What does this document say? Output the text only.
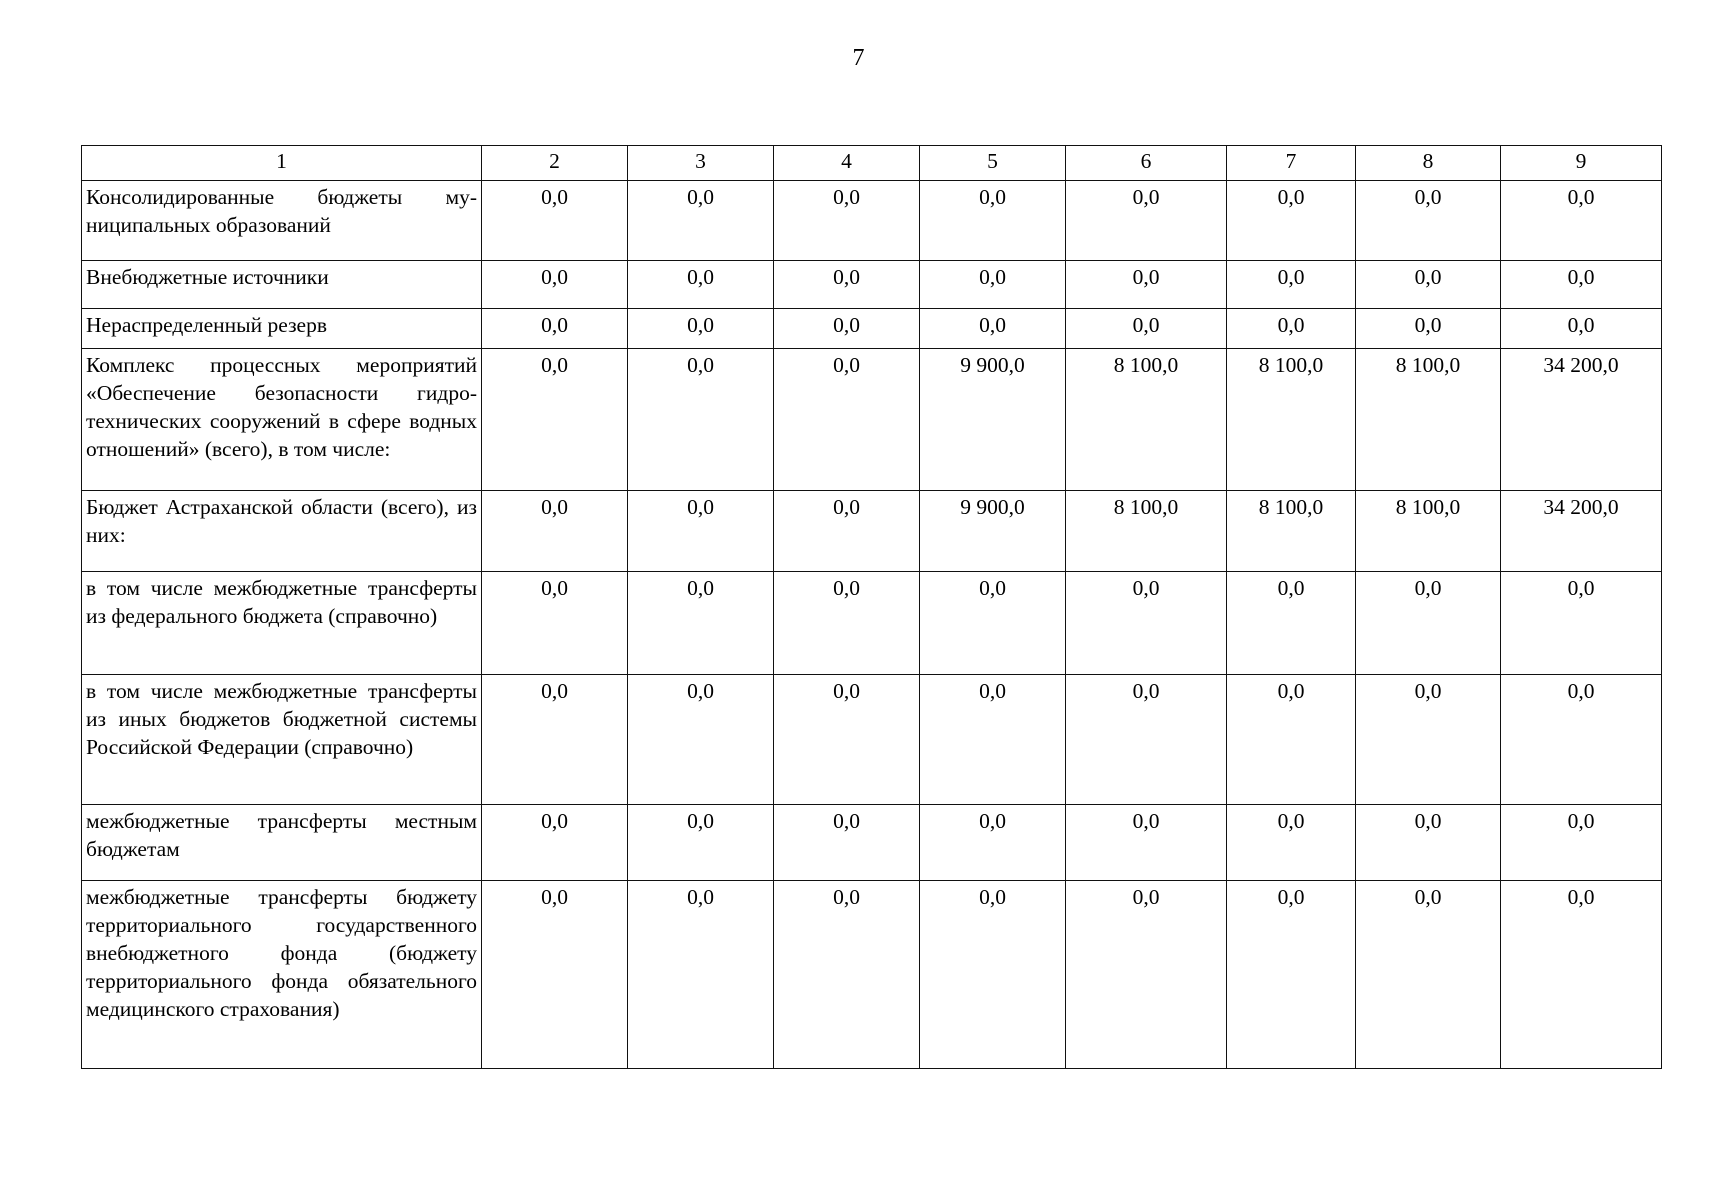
7
1	2	3	4	5	6	7	8	9
Консолидированные бюджеты муниципальных образований	0,0	0,0	0,0	0,0	0,0	0,0	0,0	0,0
Внебюджетные источники	0,0	0,0	0,0	0,0	0,0	0,0	0,0	0,0
Нераспределенный резерв	0,0	0,0	0,0	0,0	0,0	0,0	0,0	0,0
Комплекс процессных мероприятий «Обеспечение безопасности гидротехнических сооружений в сфере водных отношений» (всего), в том числе:	0,0	0,0	0,0	9 900,0	8 100,0	8 100,0	8 100,0	34 200,0
Бюджет Астраханской области (всего), из них:	0,0	0,0	0,0	9 900,0	8 100,0	8 100,0	8 100,0	34 200,0
в том числе межбюджетные трансферты из федерального бюджета (справочно)	0,0	0,0	0,0	0,0	0,0	0,0	0,0	0,0
в том числе межбюджетные трансферты из иных бюджетов бюджетной системы Российской Федерации (справочно)	0,0	0,0	0,0	0,0	0,0	0,0	0,0	0,0
межбюджетные трансферты местным бюджетам	0,0	0,0	0,0	0,0	0,0	0,0	0,0	0,0
межбюджетные трансферты бюджету территориального государственного внебюджетного фонда (бюджету территориального фонда обязательного медицинского страхования)	0,0	0,0	0,0	0,0	0,0	0,0	0,0	0,0
